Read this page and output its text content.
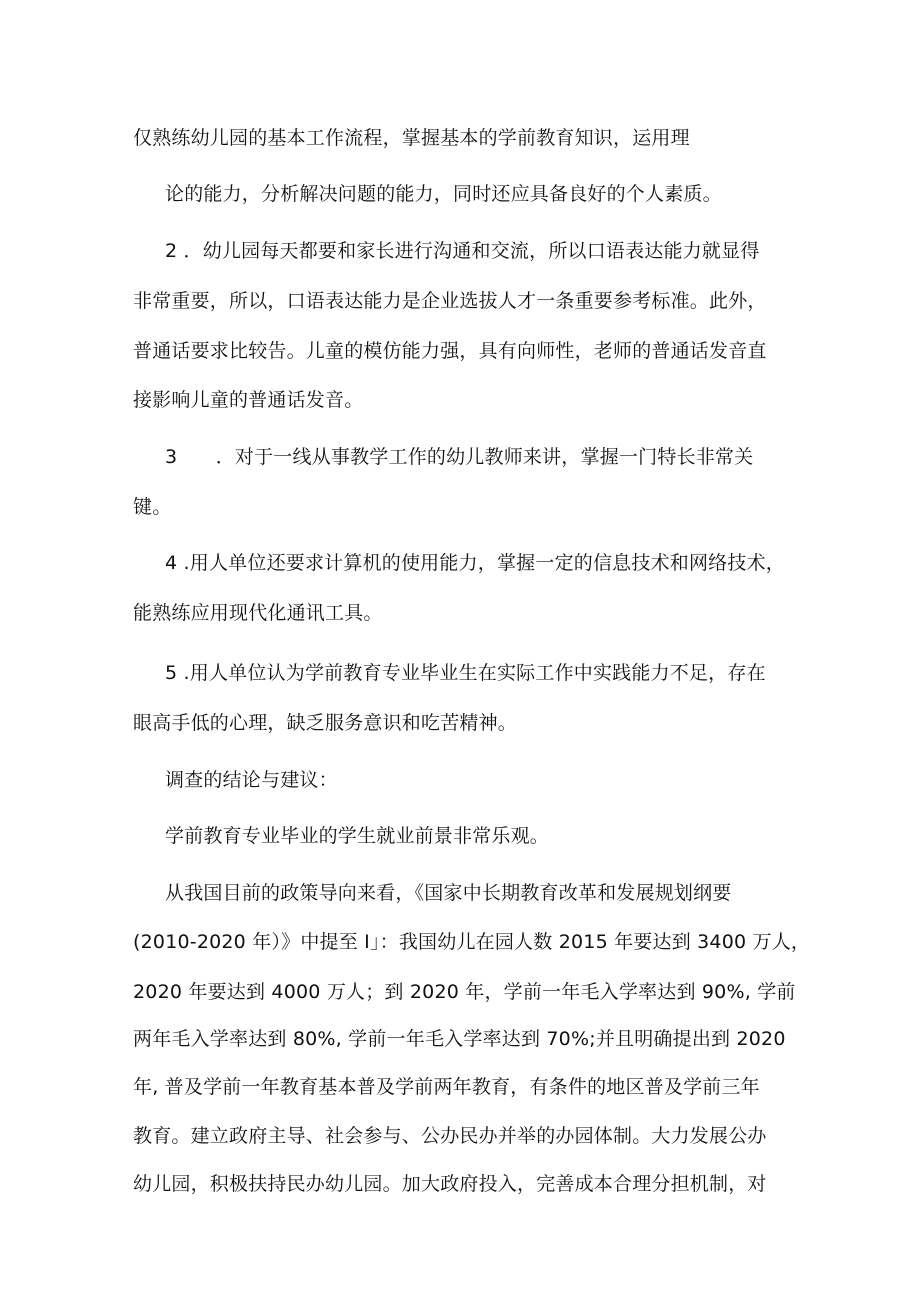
仅熟练幼儿园的基本工作流程，掌握基本的学前教育知识，运用理
论的能力，分析解决问题的能力，同时还应具备良好的个人素质。
2 ．幼儿园每天都要和家长进行沟通和交流，所以口语表达能力就显得
非常重要，所以，口语表达能力是企业选拔人才一条重要参考标准。此外，
普通话要求比较告。儿童的模仿能力强，具有向师性，老师的普通话发音直
接影响儿童的普通话发音。
3　　．对于一线从事教学工作的幼儿教师来讲，掌握一门特长非常关
键。
4 .用人单位还要求计算机的使用能力，掌握一定的信息技术和网络技术，
能熟练应用现代化通讯工具。
5 .用人单位认为学前教育专业毕业生在实际工作中实践能力不足，存在
眼高手低的心理，缺乏服务意识和吃苦精神。
调查的结论与建议：
学前教育专业毕业的学生就业前景非常乐观。
从我国目前的政策导向来看，《国家中长期教育改革和发展规划纲要
(2010-2020 年）》中提至 I」：我国幼儿在园人数 2015 年要达到 3400 万人，
2020 年要达到 4000 万人；到 2020 年，学前一年毛入学率达到 90%, 学前
两年毛入学率达到 80%, 学前一年毛入学率达到 70%;并且明确提出到 2020
年, 普及学前一年教育基本普及学前两年教育，有条件的地区普及学前三年
教育。建立政府主导、社会参与、公办民办并举的办园体制。大力发展公办
幼儿园，积极扶持民办幼儿园。加大政府投入，完善成本合理分担机制，对
